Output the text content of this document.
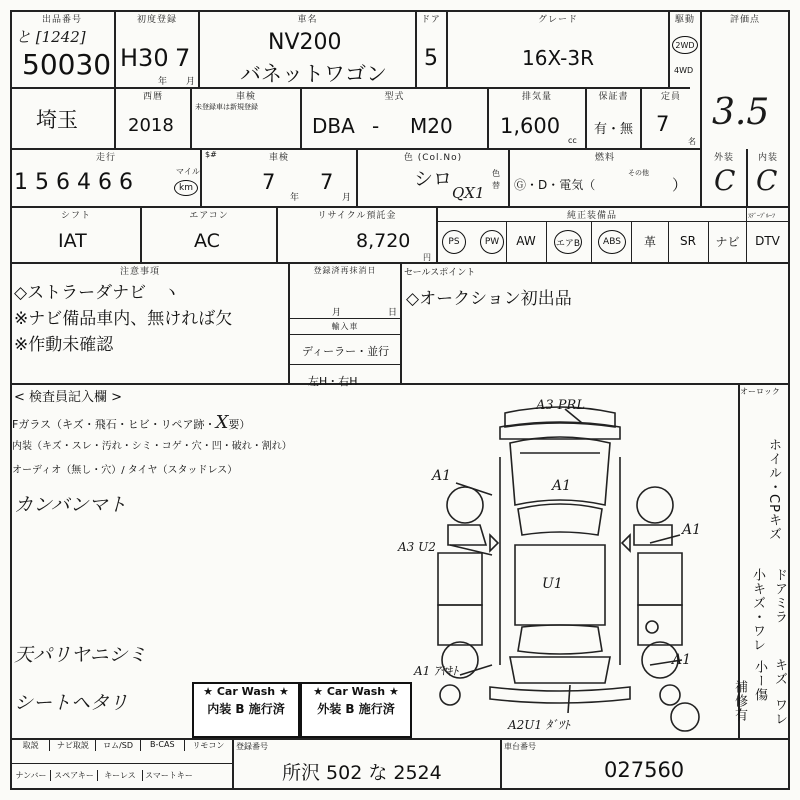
出品番号
と [1242]
50030
初度登録
H30 7
年 月
車名
NV200
バネットワゴン
ドア
5
グレード
16X-3R
駆動
2WD
4WD
評価点
埼玉
西暦
2018
車検
未登録車は新規登録
型式
DBA - M20
排気量
1,600
cc
保証書
有・無
定員
7
名
3.5
走行	$#
1 5 6 4 6 6	マイル
km
車検
7
年
7
月
色 (Col.No)
シロ
QX1
色替
燃料
Ⓖ・D・電気（
その他
）
外装
C
内装
C
シフト
IAT
エアコン
AC
リサイクル預託金
8,720
円
純正装備品	ｽﾃﾞｰﾌﾟﾙｰﾌ
PS	PW	AW	エアB	ABS	革	SR	ナビ	DTV
注意事項
◇ストラーダナビ　ヽ
※ナビ備品車内、無ければ欠
※作動未確認
登録済再抹消日
月	日
輸入車
ディーラー・並行
左H・右H
セールスポイント
◇オークション初出品
< 検査員記入欄 >
Fガラス（キズ・飛石・ヒビ・リペア跡・X要）
内装（キズ・スレ・汚れ・シミ・コゲ・穴・凹・破れ・割れ）
オーディオ（無し・穴）/ タイヤ（スタッドレス）
カンバンマト
天パリヤニシミ
シートヘタリ
A3 PRL
A1
A1
A3 U2
U1
A1
A1
A1 ｱﾔｷﾄ
A2U1 ﾀﾞﾂﾄ
オーロック
ホイル・CPキズ
小キズ・ワレ ドアミラ
小ー傷 キズ
ワレ
補修有
★ Car Wash ★
内装 B 施行済
★ Car Wash ★
外装 B 施行済
取説	ナビ取説	ロム/SD	B-CAS	リモコン
ナンバー スペアキー	キーレス	スマートキー
登録番号
所沢 502 な 2524
車台番号
027560
